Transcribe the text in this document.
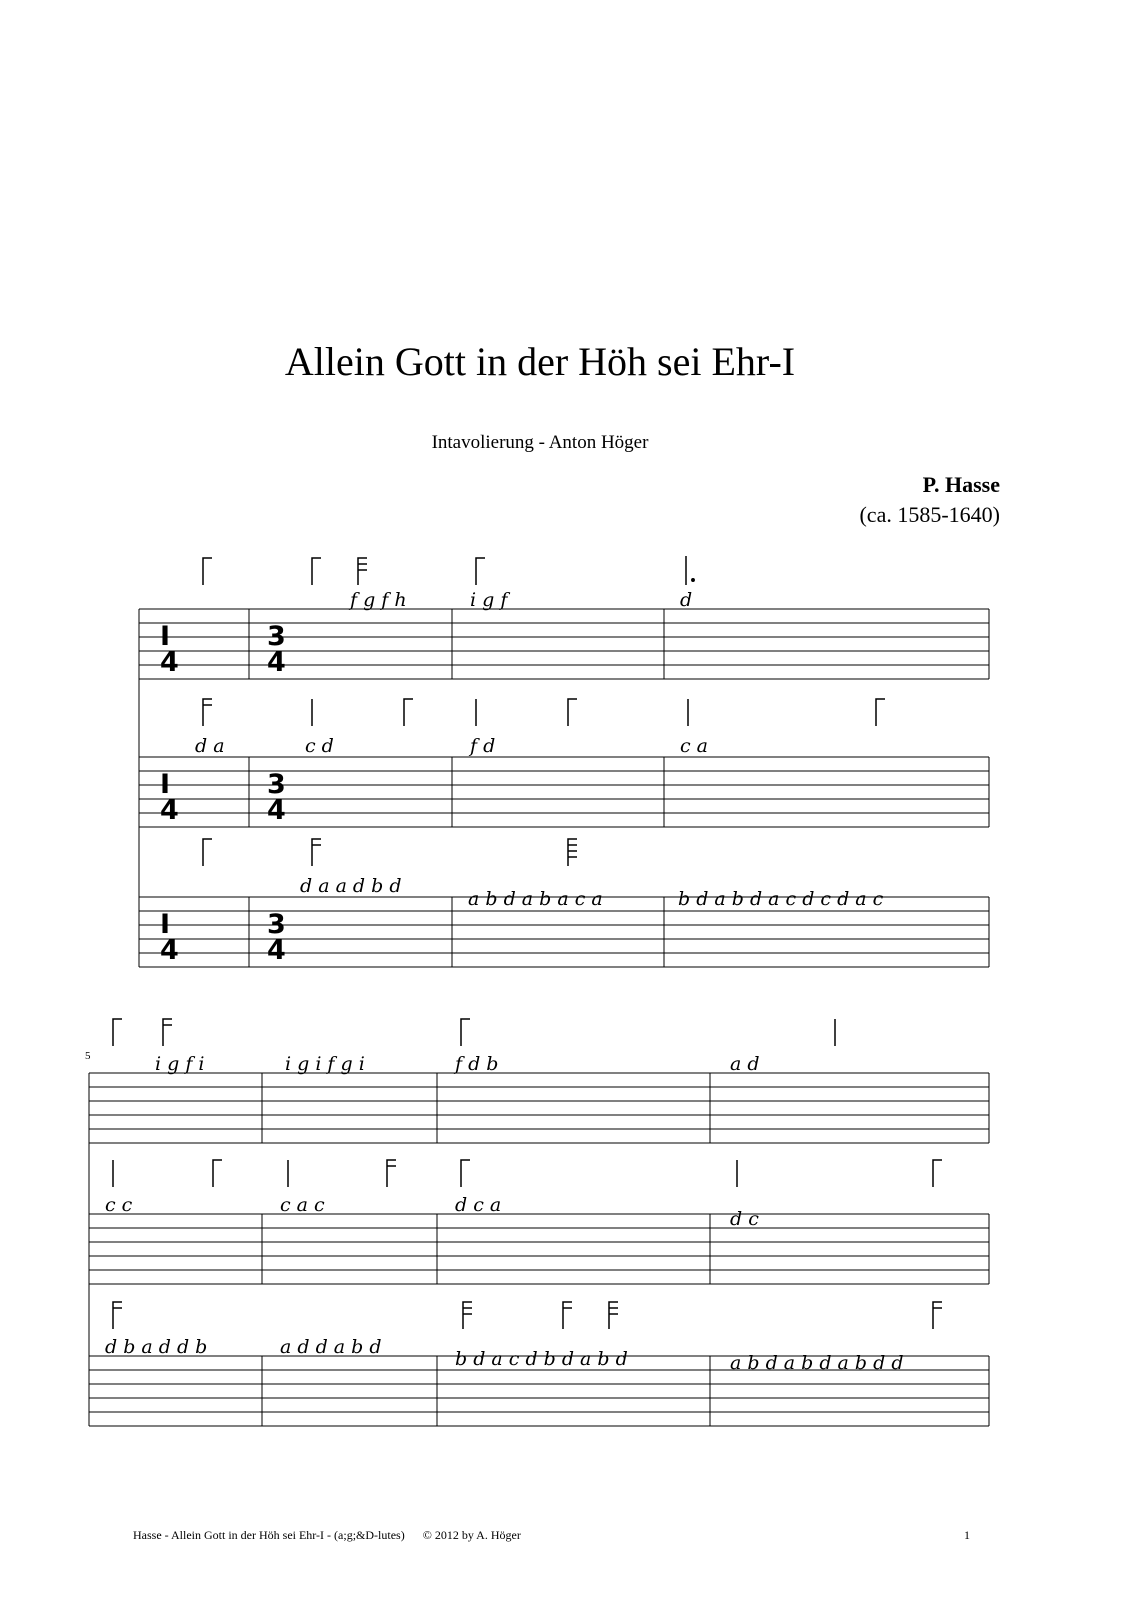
Allein Gott in der Höh sei Ehr-I
Intavolierung - Anton Höger
P. Hasse
(ca. 1585-1640)
5
I
4
3
4
I
4
3
4
I
4
3
4
f g f h	i g f	d
d a	c d	f d	c a
d a a d b d
a b d a b a c a	b d a b d a c d c d a c
i g f i	i g i f g i	f d b	a d
c c	c a c	d c a
d c
d b a d d b	a d d a b d
b d a c d b d a b d	a b d a b d a b d d
Hasse - Allein Gott in der Höh sei Ehr-I - (a;g;&D-lutes) © 2012 by A. Höger	1
